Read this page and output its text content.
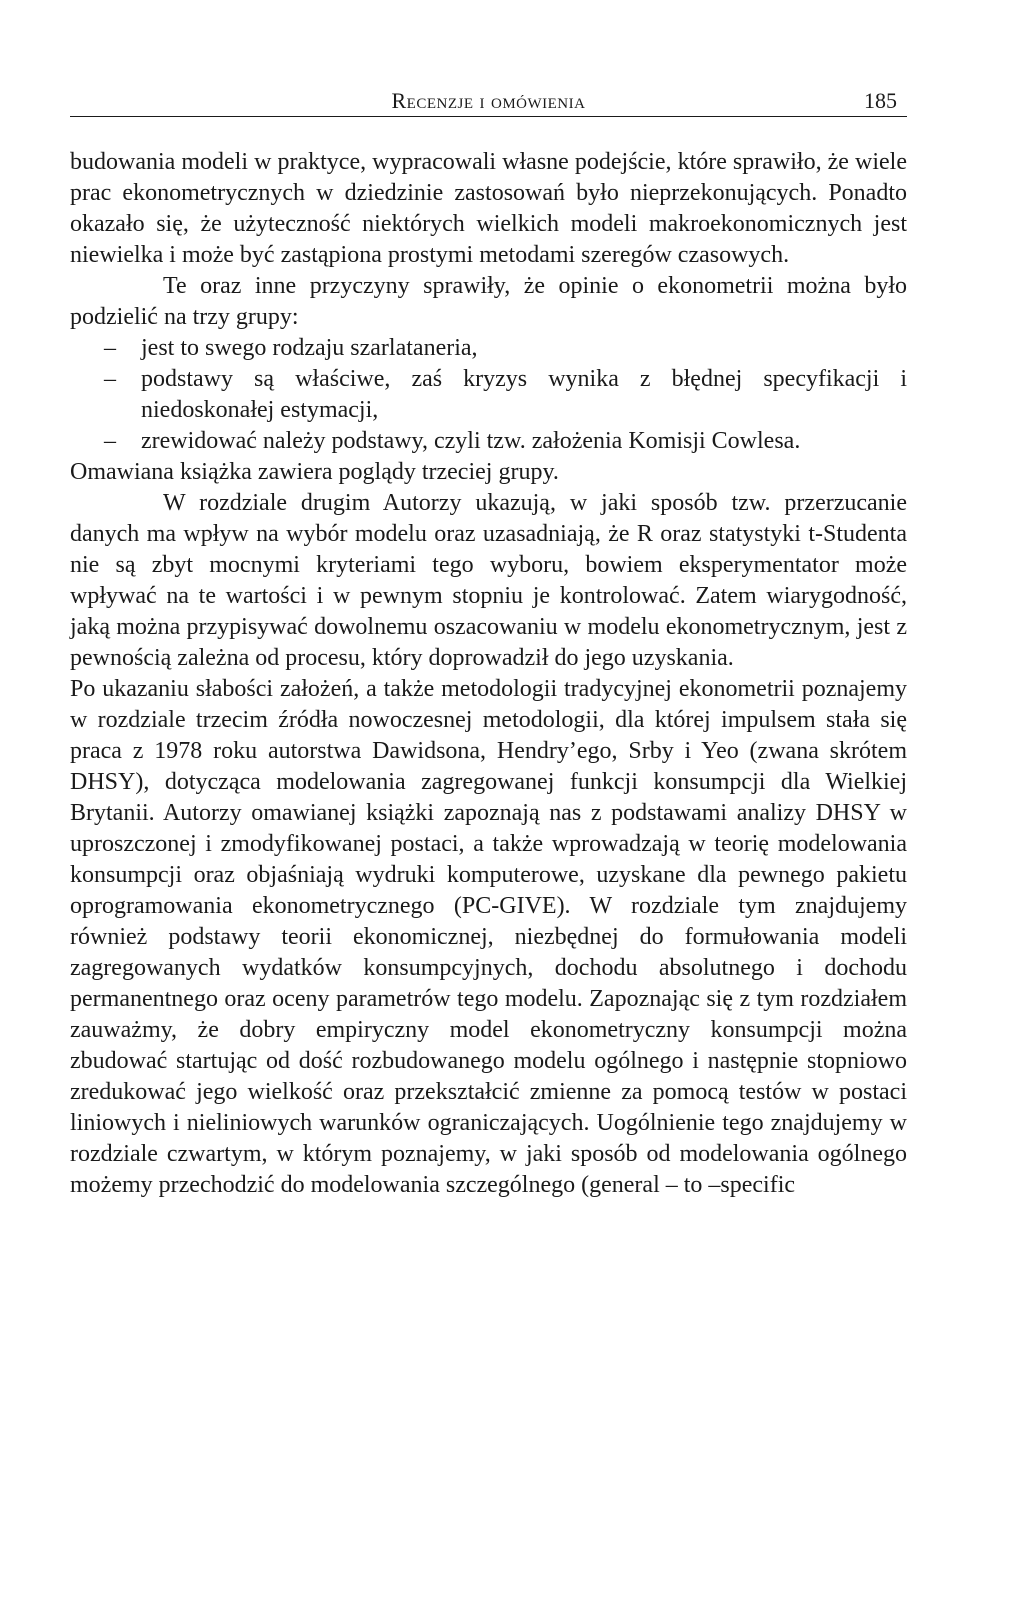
Recenzje i omówienia	185

budowania modeli w praktyce, wypracowali własne podejście, które sprawiło, że wiele prac ekonometrycznych w dziedzinie zastosowań było nieprzekonujących. Ponadto okazało się, że użyteczność niektórych wielkich modeli makroekonomicznych jest niewielka i może być zastąpiona prostymi metodami szeregów czasowych.

Te oraz inne przyczyny sprawiły, że opinie o ekonometrii można było podzielić na trzy grupy:

– jest to swego rodzaju szarlataneria,
– podstawy są właściwe, zaś kryzys wynika z błędnej specyfikacji i niedoskonałej estymacji,
– zrewidować należy podstawy, czyli tzw. założenia Komisji Cowlesa.

Omawiana książka zawiera poglądy trzeciej grupy.

W rozdziale drugim Autorzy ukazują, w jaki sposób tzw. przerzucanie danych ma wpływ na wybór modelu oraz uzasadniają, że R oraz statystyki t-Studenta nie są zbyt mocnymi kryteriami tego wyboru, bowiem eksperymentator może wpływać na te wartości i w pewnym stopniu je kontrolować. Zatem wiarygodność, jaką można przypisywać dowolnemu oszacowaniu w modelu ekonometrycznym, jest z pewnością zależna od procesu, który doprowadził do jego uzyskania.

Po ukazaniu słabości założeń, a także metodologii tradycyjnej ekonometrii poznajemy w rozdziale trzecim źródła nowoczesnej metodologii, dla której impulsem stała się praca z 1978 roku autorstwa Dawidsona, Hendry’ego, Srby i Yeo (zwana skrótem DHSY), dotycząca modelowania zagregowanej funkcji konsumpcji dla Wielkiej Brytanii. Autorzy omawianej książki zapoznają nas z podstawami analizy DHSY w uproszczonej i zmodyfikowanej postaci, a także wprowadzają w teorię modelowania konsumpcji oraz objaśniają wydruki komputerowe, uzyskane dla pewnego pakietu oprogramowania ekonometrycznego (PC-GIVE). W rozdziale tym znajdujemy również podstawy teorii ekonomicznej, niezbędnej do formułowania modeli zagregowanych wydatków konsumpcyjnych, dochodu absolutnego i dochodu permanentnego oraz oceny parametrów tego modelu. Zapoznając się z tym rozdziałem zauważmy, że dobry empiryczny model ekonometryczny konsumpcji można zbudować startując od dość rozbudowanego modelu ogólnego i następnie stopniowo zredukować jego wielkość oraz przekształcić zmienne za pomocą testów w postaci liniowych i nieliniowych warunków ograniczających. Uogólnienie tego znajdujemy w rozdziale czwartym, w którym poznajemy, w jaki sposób od modelowania ogólnego możemy przechodzić do modelowania szczególnego (general – to –specific
